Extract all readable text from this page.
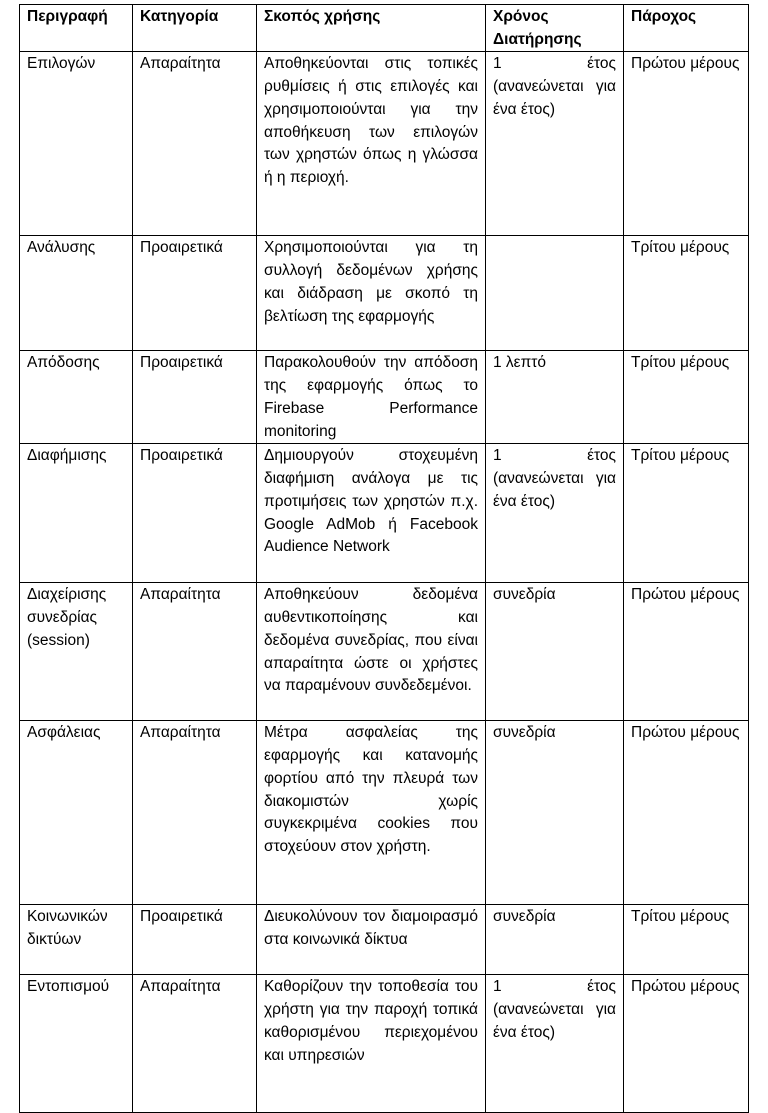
Περιγραφή	Κατηγορία	Σκοπός χρήσης	Χρόνος Διατήρησης	Πάροχος
Επιλογών	Απαραίτητα	Αποθηκεύονται στις τοπικές ρυθμίσεις ή στις επιλογές και χρησιμοποιούνται για την αποθήκευση των επιλογών των χρηστών όπως η γλώσσα ή η περιοχή.	1 έτος (ανανεώνεται για ένα έτος)	Πρώτου μέρους
Ανάλυσης	Προαιρετικά	Χρησιμοποιούνται για τη συλλογή δεδομένων χρήσης και διάδραση με σκοπό τη βελτίωση της εφαρμογής		Τρίτου μέρους
Απόδοσης	Προαιρετικά	Παρακολουθούν την απόδοση της εφαρμογής όπως το Firebase Performance monitoring	1 λεπτό	Τρίτου μέρους
Διαφήμισης	Προαιρετικά	Δημιουργούν στοχευμένη διαφήμιση ανάλογα με τις προτιμήσεις των χρηστών π.χ. Google AdMob ή Facebook Audience Network	1 έτος (ανανεώνεται για ένα έτος)	Τρίτου μέρους
Διαχείρισης συνεδρίας (session)	Απαραίτητα	Αποθηκεύουν δεδομένα αυθεντικοποίησης και δεδομένα συνεδρίας, που είναι απαραίτητα ώστε οι χρήστες να παραμένουν συνδεδεμένοι.	συνεδρία	Πρώτου μέρους
Ασφάλειας	Απαραίτητα	Μέτρα ασφαλείας της εφαρμογής και κατανομής φορτίου από την πλευρά των διακομιστών χωρίς συγκεκριμένα cookies που στοχεύουν στον χρήστη.	συνεδρία	Πρώτου μέρους
Κοινωνικών δικτύων	Προαιρετικά	Διευκολύνουν τον διαμοιρασμό στα κοινωνικά δίκτυα	συνεδρία	Τρίτου μέρους
Εντοπισμού	Απαραίτητα	Καθορίζουν την τοποθεσία του χρήστη για την παροχή τοπικά καθορισμένου περιεχομένου και υπηρεσιών	1 έτος (ανανεώνεται για ένα έτος)	Πρώτου μέρους
